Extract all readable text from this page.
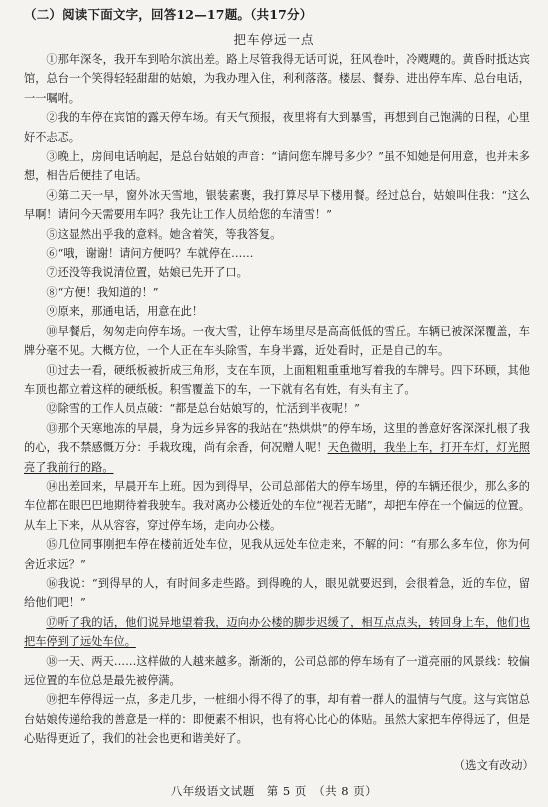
（二）阅读下面文字，回答12—17题。（共17分）
把车停远一点

①那年深冬，我开车到哈尔滨出差。路上尽管我得无话可说，狂风卷叶，冷飕飕的。黄昏时抵达宾馆，总台一个笑得轻轻甜甜的姑娘，为我办理入住，利利落落。楼层、餐券、进出停车库、总台电话，一一嘱咐。

②我的车停在宾馆的露天停车场。有天气预报，夜里将有大到暴雪，再想到自己饱满的日程，心里好不忐忑。

③晚上，房间电话响起，是总台姑娘的声音：“请问您车牌号多少？”虽不知她是何用意，也并未多想，相告后便挂了电话。

④第二天一早，窗外冰天雪地，银装素裹，我打算尽早下楼用餐。经过总台，姑娘叫住我：“这么早啊！请问今天需要用车吗？我先让工作人员给您的车清雪！”

⑤这显然出乎我的意料。她含着笑，等我答复。

⑥“哦，谢谢！请问方便吗？车就停在……

⑦还没等我说清位置，姑娘已先开了口。

⑧“方便！我知道的！”

⑨原来，那通电话，用意在此！

⑩早餐后，匆匆走向停车场。一夜大雪，让停车场里尽是高高低低的雪丘。车辆已被深深覆盖，车牌分毫不见。大概方位，一个人正在车头除雪，车身半露，近处看时，正是自己的车。

⑪过去一看，硬纸板被折成三角形，支在车顶，上面粗粗重重地写着我的车牌号。四下环顾，其他车顶也都立着这样的硬纸板。积雪覆盖下的车，一下就有名有姓，有头有主了。

⑫除雪的工作人员点破：“都是总台姑娘写的，忙活到半夜呢！”

⑬那个天寒地冻的早晨，身为远乡异客的我站在“热烘烘”的停车场，这里的善意好客深深扎根了我的心，我不禁感慨万分：手栽玫瑰，尚有余香，何况赠人呢！天色微明，我坐上车，打开车灯，灯光照亮了我前行的路。

⑭出差回来，早晨开车上班。因为到得早，公司总部偌大的停车场里，停的车辆还很少，那么多的车位都在眼巴巴地期待着我驶车。我对离办公楼近处的车位“视若无睹”，却把车停在一个偏远的位置。从车上下来，从从容容，穿过停车场，走向办公楼。

⑮几位同事刚把车停在楼前近处车位，见我从远处车位走来，不解的问：“有那么多车位，你为何舍近求远？”

⑯我说：“到得早的人，有时间多走些路。到得晚的人，眼见就要迟到，会很着急，近的车位，留给他们吧！”

⑰听了我的话，他们说异地望着我，迈向办公楼的脚步迟缓了，相互点点头，转回身上车，他们也把车停到了远处车位。

⑱一天、两天……这样做的人越来越多。渐渐的，公司总部的停车场有了一道亮丽的风景线：较偏远位置的车位总是最先被停满。

⑲把车停得远一点，多走几步，一桩细小得不得了的事，却有着一群人的温情与气度。这与宾馆总台姑娘传递给我的善意是一样的：即便素不相识，也有将心比心的体贴。虽然大家把车停得远了，但是心贴得更近了，我们的社会也更和谐美好了。

（选文有改动）
八年级语文试题　第 5 页　（共 8 页）
